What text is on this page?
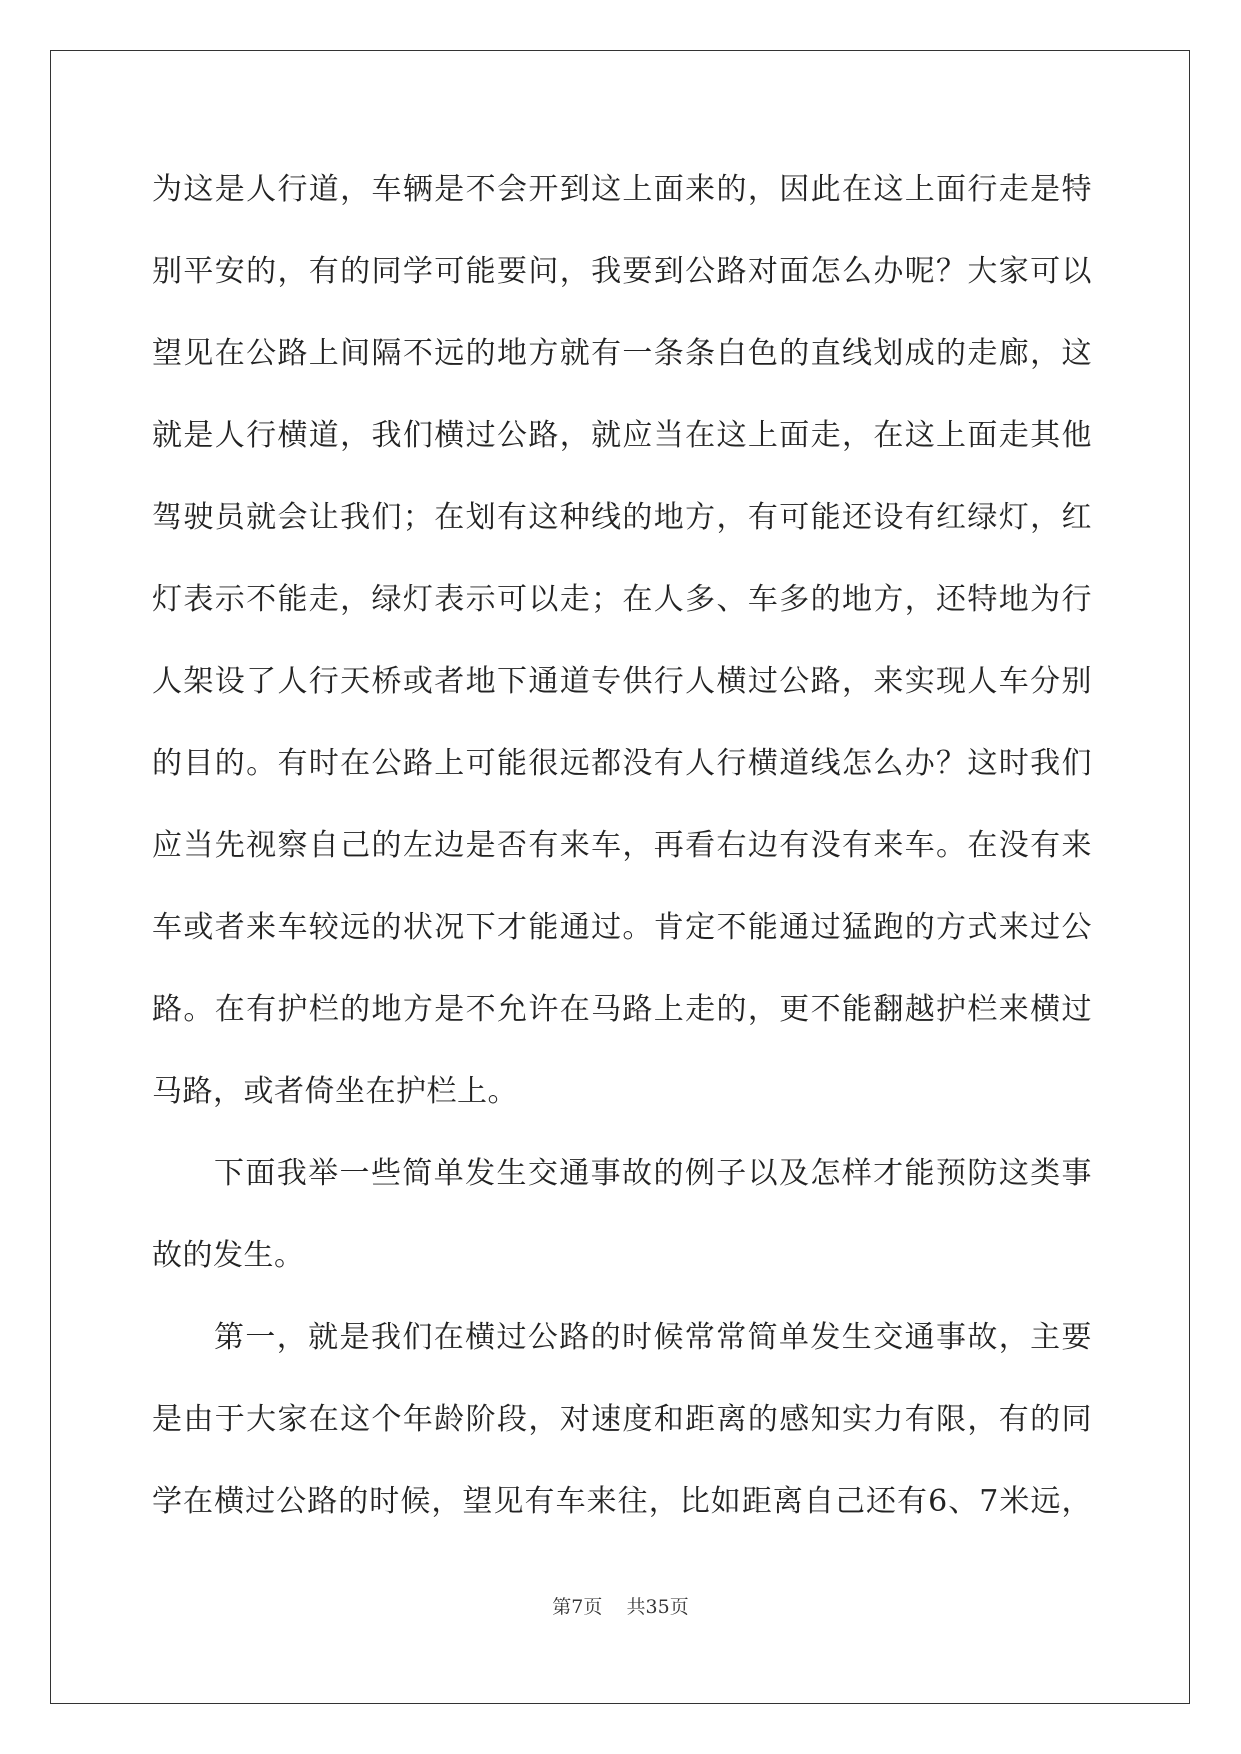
为这是人行道，车辆是不会开到这上面来的，因此在这上面行走是特
别平安的，有的同学可能要问，我要到公路对面怎么办呢？大家可以
望见在公路上间隔不远的地方就有一条条白色的直线划成的走廊，这
就是人行横道，我们横过公路，就应当在这上面走，在这上面走其他
驾驶员就会让我们；在划有这种线的地方，有可能还设有红绿灯，红
灯表示不能走，绿灯表示可以走；在人多、车多的地方，还特地为行
人架设了人行天桥或者地下通道专供行人横过公路，来实现人车分别
的目的。有时在公路上可能很远都没有人行横道线怎么办？这时我们
应当先视察自己的左边是否有来车，再看右边有没有来车。在没有来
车或者来车较远的状况下才能通过。肯定不能通过猛跑的方式来过公
路。在有护栏的地方是不允许在马路上走的，更不能翻越护栏来横过
马路，或者倚坐在护栏上。
下面我举一些简单发生交通事故的例子以及怎样才能预防这类事
故的发生。
第一，就是我们在横过公路的时候常常简单发生交通事故，主要
是由于大家在这个年龄阶段，对速度和距离的感知实力有限，有的同
学在横过公路的时候，望见有车来往，比如距离自己还有6、7米远，
第7页 共35页
